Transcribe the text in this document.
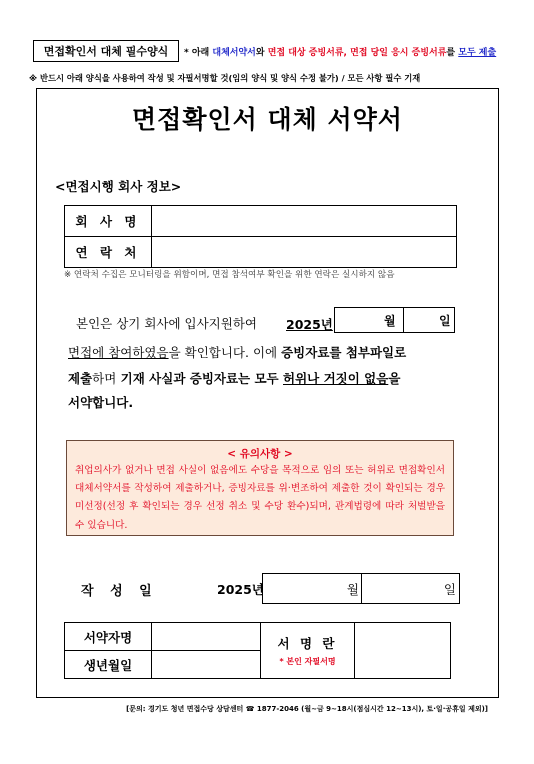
면접확인서 대체 필수양식	* 아래 대체서약서와 면접 대상 증빙서류, 면접 당일 응시 증빙서류를 모두 제출
※ 반드시 아래 양식을 사용하여 작성 및 자필서명할 것(임의 양식 및 양식 수정 불가) / 모든 사항 필수 기재
면접확인서 대체 서약서
<면접시행 회사 정보>
회 사 명	
연 락 처	
※ 연락처 수집은 모니터링을 위함이며, 면접 참석여부 확인을 위한 연락은 실시하지 않음
본인은 상기 회사에 입사지원하여 2025년	월	일
면접에 참여하였음을 확인합니다. 이에 증빙자료를 첨부파일로
제출하며 기재 사실과 증빙자료는 모두 허위나 거짓이 없음을
서약합니다.
< 유의사항 >
취업의사가 없거나 면접 사실이 없음에도 수당을 목적으로 임의 또는 허위로 면접확인서 대체서약서를 작성하여 제출하거나, 증빙자료를 위·변조하여 제출한 것이 확인되는 경우 미선정(선정 후 확인되는 경우 선정 취소 및 수당 환수)되며, 관계법령에 따라 처벌받을 수 있습니다.
작 성 일	2025년	월	일
서약자명		서 명 란
* 본인 자필서명	

생년월일			
[문의: 경기도 청년 면접수당 상담센터 ☎ 1877-2046 (월~금 9~18시(점심시간 12~13시), 토·일·공휴일 제외)]
